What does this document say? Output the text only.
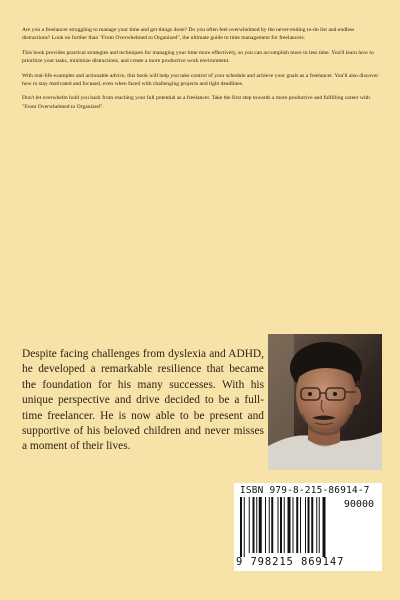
Are you a freelancer struggling to manage your time and get things done? Do you often feel overwhelmed by the never-ending to-do list and endless distractions? Look no further than "From Overwhelmed to Organized", the ultimate guide to time management for freelancers.

This book provides practical strategies and techniques for managing your time more effectively, so you can accomplish more in less time. You'll learn how to prioritize your tasks, minimize distractions, and create a more productive work environment.

With real-life examples and actionable advice, this book will help you take control of your schedule and achieve your goals as a freelancer. You'll also discover how to stay motivated and focused, even when faced with challenging projects and tight deadlines.

Don't let overwhelm hold you back from reaching your full potential as a freelancer. Take the first step towards a more productive and fulfilling career with "From Overwhelmed to Organized".

Despite facing challenges from dyslexia and ADHD, he developed a remarkable resilience that became the foundation for his many successes. With his unique perspective and drive decided to be a full-time freelancer. He is now able to be present and supportive of his beloved children and never misses a moment of their lives.
ISBN 979-8-215-86914-7
90000
9 798215 869147
